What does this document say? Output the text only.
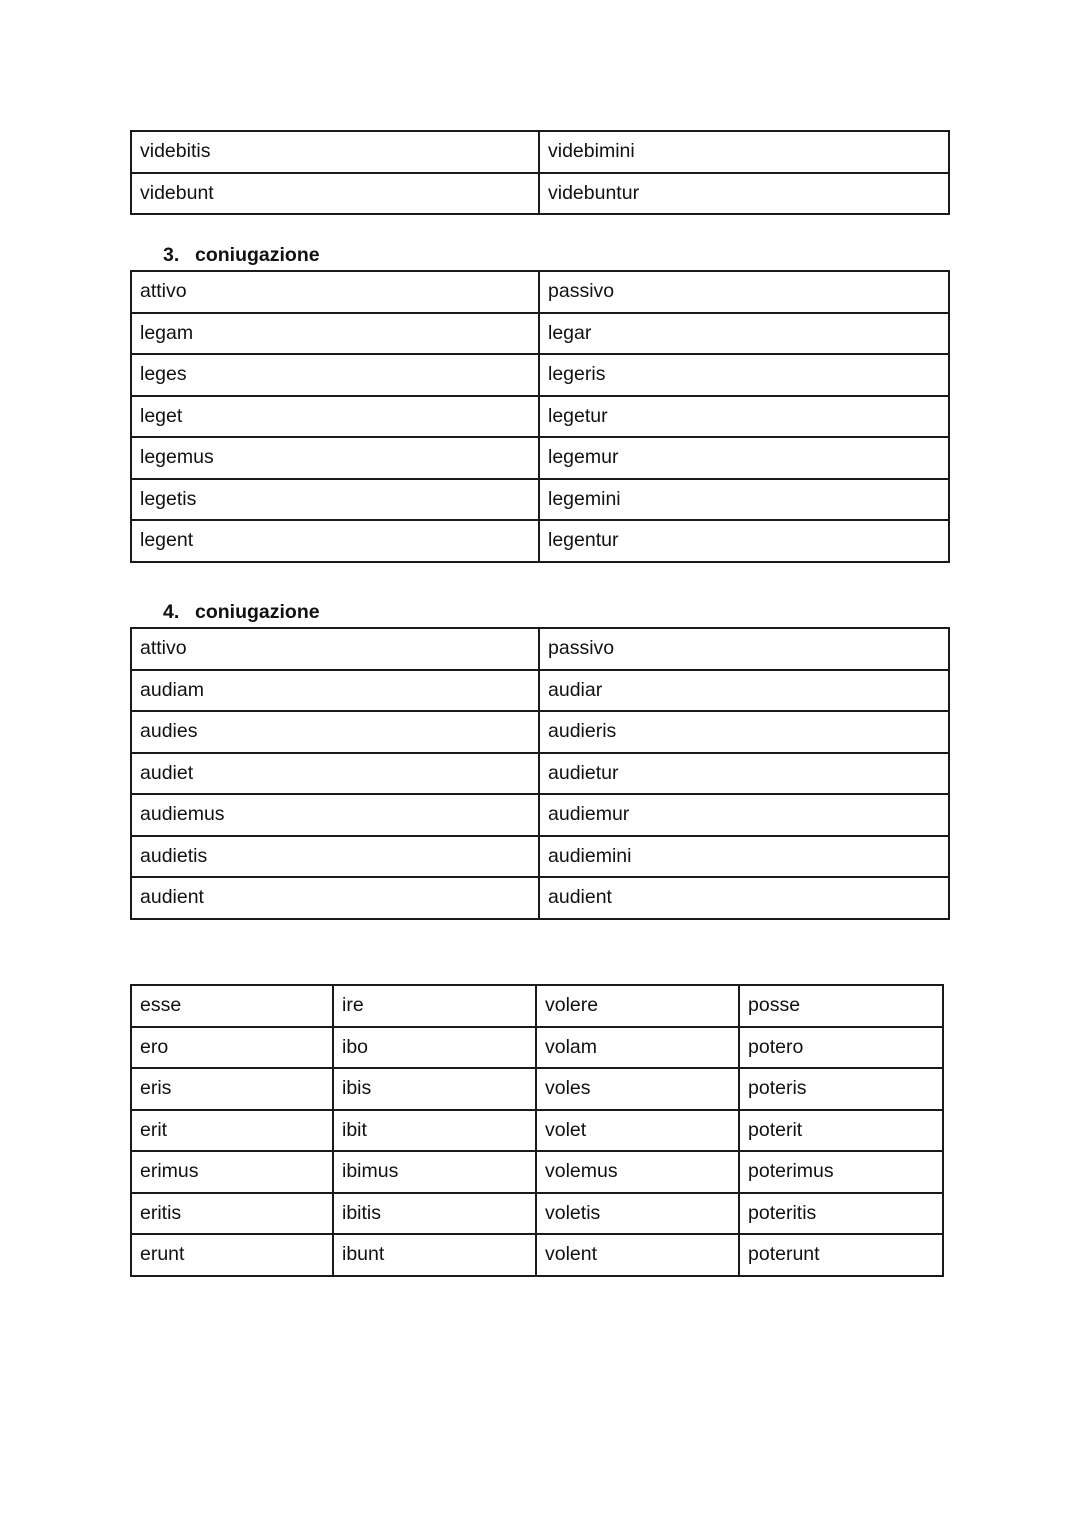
videbitis	videbimini
videbunt	videbuntur
3. coniugazione
attivo	passivo
legam	legar
leges	legeris
leget	legetur
legemus	legemur
legetis	legemini
legent	legentur
4. coniugazione
attivo	passivo
audiam	audiar
audies	audieris
audiet	audietur
audiemus	audiemur
audietis	audiemini
audient	audient
esse	ire	volere	posse
ero	ibo	volam	potero
eris	ibis	voles	poteris
erit	ibit	volet	poterit
erimus	ibimus	volemus	poterimus
eritis	ibitis	voletis	poteritis
erunt	ibunt	volent	poterunt
